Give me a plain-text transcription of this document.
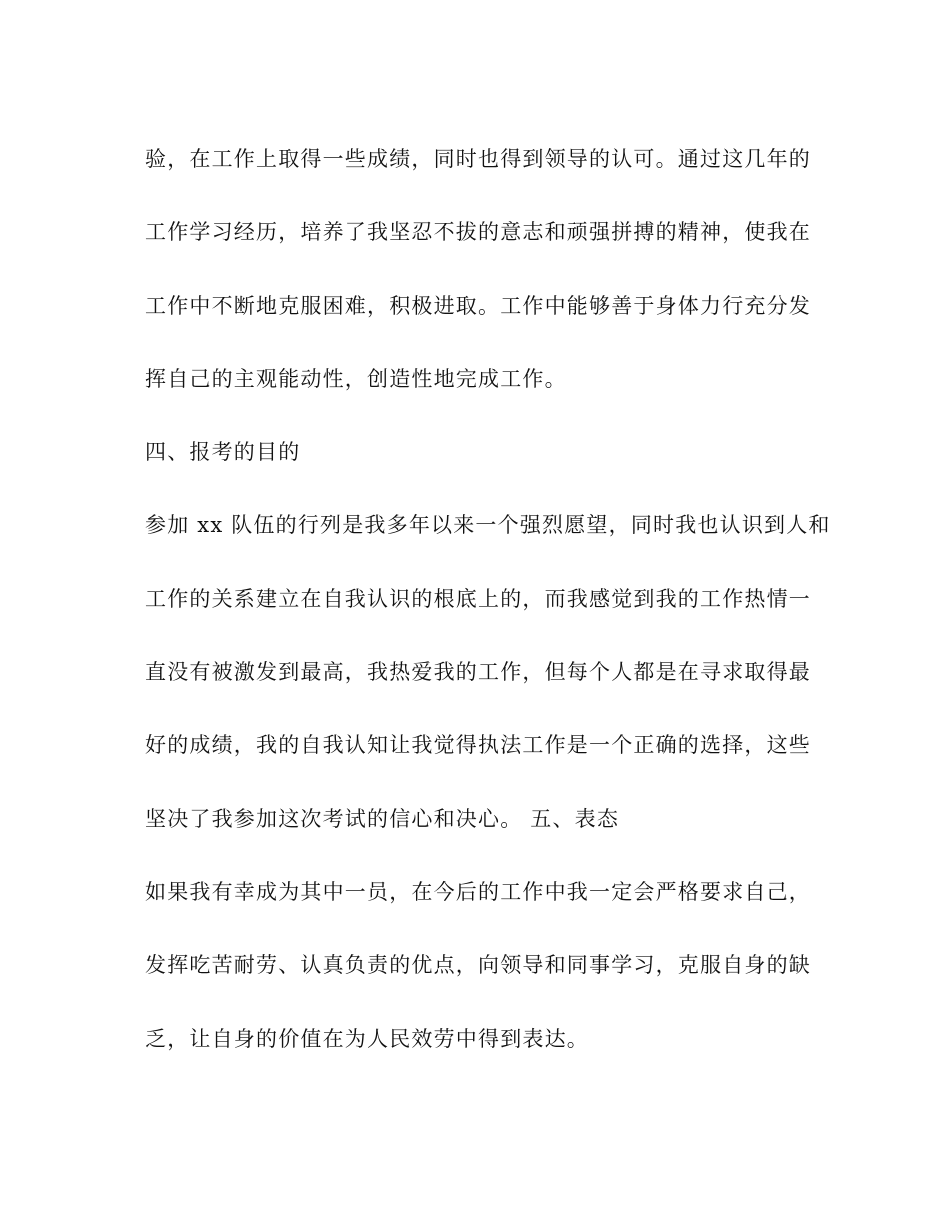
验，在工作上取得一些成绩，同时也得到领导的认可。通过这几年的
工作学习经历，培养了我坚忍不拔的意志和顽强拼搏的精神，使我在
工作中不断地克服困难，积极进取。工作中能够善于身体力行充分发
挥自己的主观能动性，创造性地完成工作。
四、报考的目的
参加 xx 队伍的行列是我多年以来一个强烈愿望，同时我也认识到人和
工作的关系建立在自我认识的根底上的，而我感觉到我的工作热情一
直没有被激发到最高，我热爱我的工作，但每个人都是在寻求取得最
好的成绩，我的自我认知让我觉得执法工作是一个正确的选择，这些
坚决了我参加这次考试的信心和决心。 五、表态
如果我有幸成为其中一员，在今后的工作中我一定会严格要求自己，
发挥吃苦耐劳、认真负责的优点，向领导和同事学习，克服自身的缺
乏，让自身的价值在为人民效劳中得到表达。
